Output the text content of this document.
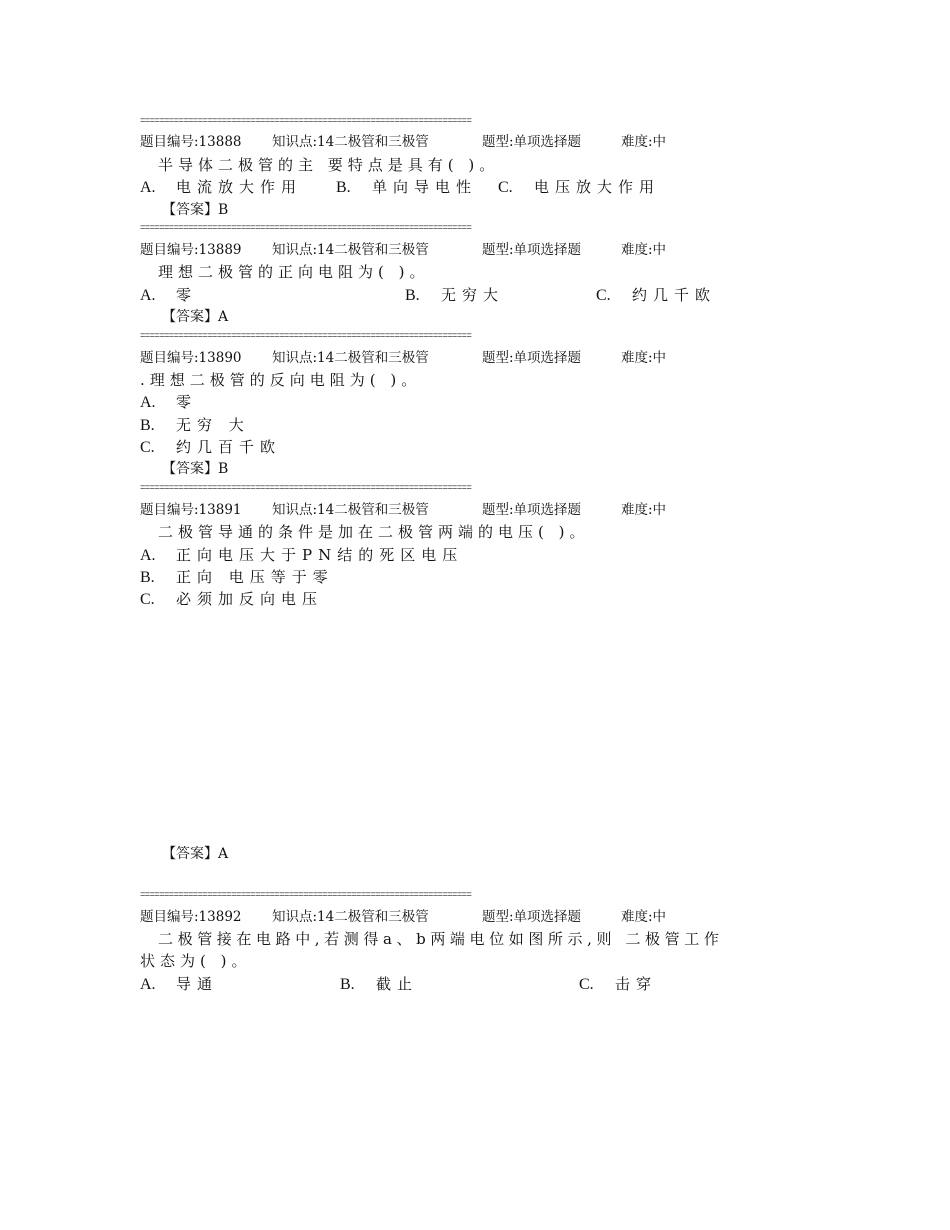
=====================================================================
题目编号:13888 知识点:14二极管和三极管	题型:单项选择题	难度:中
半导体二极管的主 要特点是具有( )。
A. 电流放大作用 B. 单向导电性 C. 电压放大作用
【答案】B
=====================================================================
题目编号:13889 知识点:14二极管和三极管	题型:单项选择题	难度:中
理想二极管的正向电阻为( )。
A. 零	B. 无穷大	C. 约几千欧
【答案】A
=====================================================================
题目编号:13890 知识点:14二极管和三极管	题型:单项选择题	难度:中
.理想二极管的反向电阻为( )。
A. 零
B. 无穷 大
C. 约几百千欧
【答案】B
=====================================================================
题目编号:13891 知识点:14二极管和三极管	题型:单项选择题	难度:中
二极管导通的条件是加在二极管两端的电压( )。
A. 正向电压大于PN结的死区电压
B. 正向 电压等于零
C. 必须加反向电压
【答案】A
=====================================================================
题目编号:13892 知识点:14二极管和三极管	题型:单项选择题	难度:中
二极管接在电路中,若测得a、b两端电位如图所示,则 二极管工作
状态为( )。
A. 导通	B. 截止	C. 击穿
